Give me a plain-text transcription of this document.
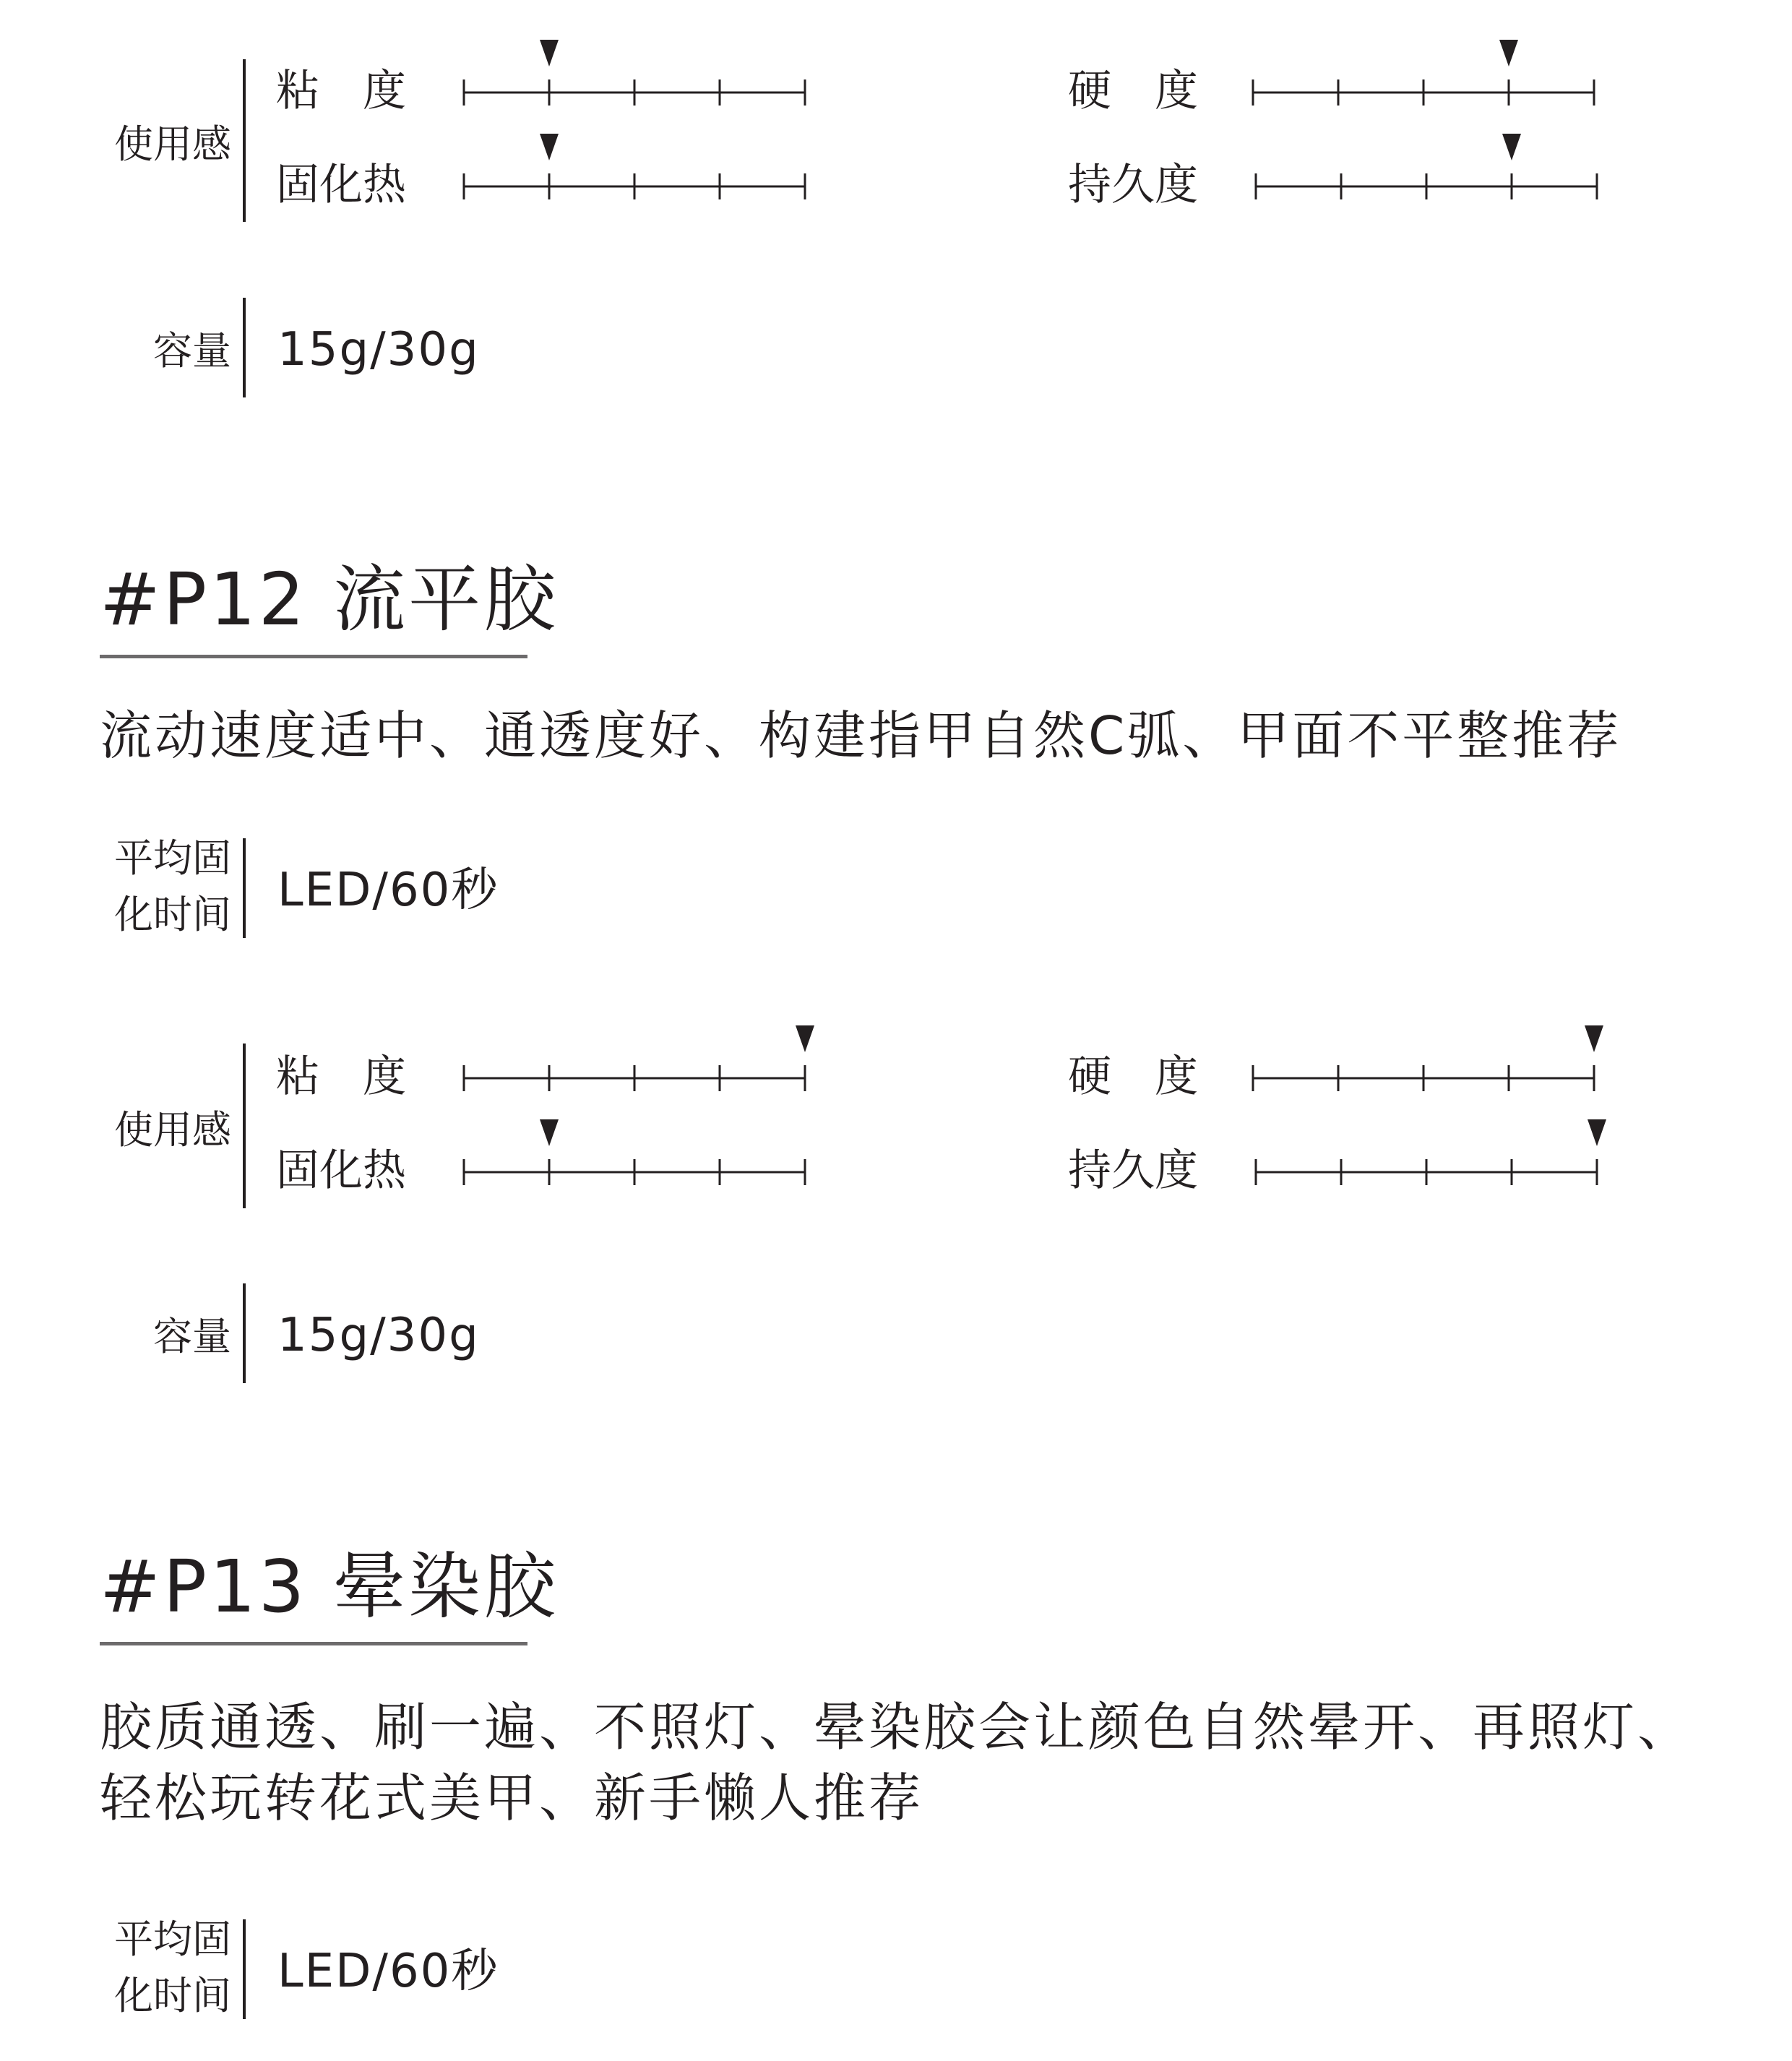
使用感
粘　度
固化热
硬　度
持久度
容量 15g/30g
#P12 流平胶
流动速度适中、通透度好、构建指甲自然C弧、甲面不平整推荐
平均固
化时间 LED/60秒
使用感
粘　度
固化热
硬　度
持久度
容量 15g/30g
#P13 晕染胶
胶质通透、刷一遍、不照灯、晕染胶会让颜色自然晕开、再照灯、
轻松玩转花式美甲、新手懒人推荐
平均固
化时间 LED/60秒
